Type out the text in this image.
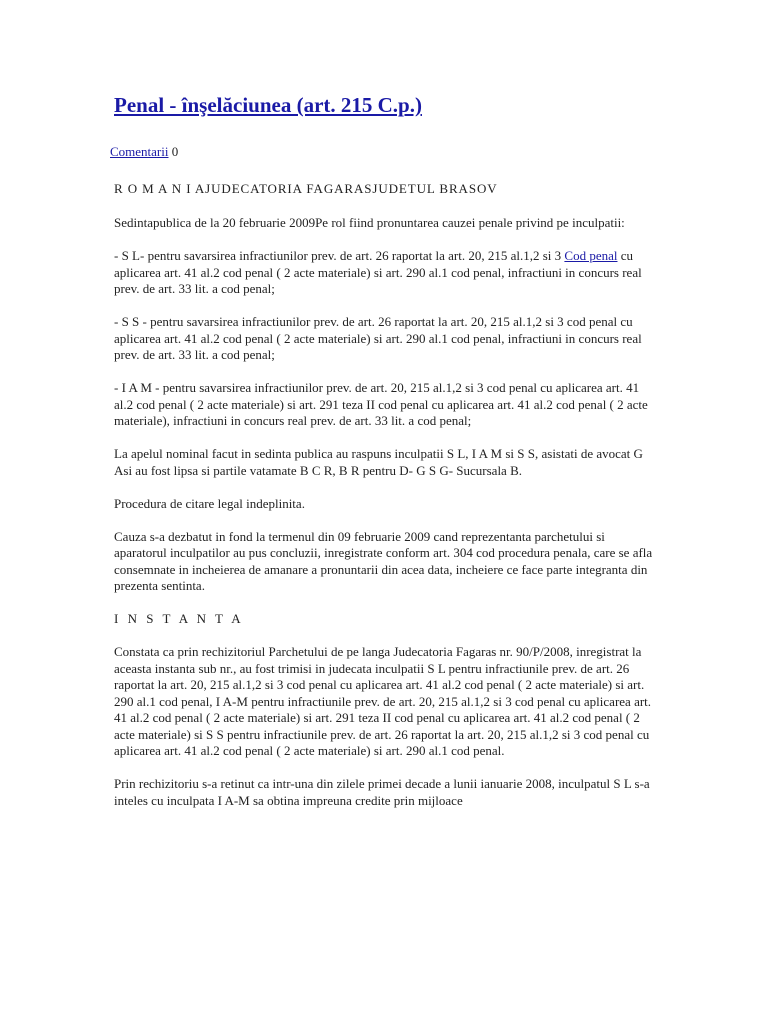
Penal - înşelăciunea (art. 215 C.p.)
Comentarii 0
R O M A N I AJUDECATORIA FAGARASJUDETUL BRASOV

Sedintapublica de la 20 februarie 2009Pe rol fiind pronuntarea cauzei penale privind pe inculpatii:

- S L- pentru savarsirea infractiunilor prev. de art. 26 raportat la art. 20, 215 al.1,2 si 3 Cod penal cu aplicarea art. 41 al.2 cod penal ( 2 acte materiale) si art. 290 al.1 cod penal, infractiuni in concurs real prev. de art. 33 lit. a cod penal;

- S S - pentru savarsirea infractiunilor prev. de art. 26 raportat la art. 20, 215 al.1,2 si 3 cod penal cu aplicarea art. 41 al.2 cod penal ( 2 acte materiale) si art. 290 al.1 cod penal, infractiuni in concurs real prev. de art. 33 lit. a cod penal;

- I A M - pentru savarsirea infractiunilor prev. de art. 20, 215 al.1,2 si 3 cod penal cu aplicarea art. 41 al.2 cod penal ( 2 acte materiale) si art. 291 teza II cod penal cu aplicarea art. 41 al.2 cod penal ( 2 acte materiale), infractiuni in concurs real prev. de art. 33 lit. a cod penal;

La apelul nominal facut in sedinta publica au raspuns inculpatii S L, I A M si S S, asistati de avocat G Asi au fost lipsa si partile vatamate B C R, B R pentru D- G S G- Sucursala B.

Procedura de citare legal indeplinita.

Cauza s-a dezbatut in fond la termenul din 09 februarie 2009 cand reprezentanta parchetului si aparatorul inculpatilor au pus concluzii, inregistrate conform art. 304 cod procedura penala, care se afla consemnate in incheierea de amanare a pronuntarii din acea data, incheiere ce face parte integranta din prezenta sentinta.

I N S T A N T A

Constata ca prin rechizitoriul Parchetului de pe langa Judecatoria Fagaras nr. 90/P/2008, inregistrat la aceasta instanta sub nr., au fost trimisi in judecata inculpatii S L pentru infractiunile prev. de art. 26 raportat la art. 20, 215 al.1,2 si 3 cod penal cu aplicarea art. 41 al.2 cod penal ( 2 acte materiale) si art. 290 al.1 cod penal, I A-M pentru infractiunile prev. de art. 20, 215 al.1,2 si 3 cod penal cu aplicarea art. 41 al.2 cod penal ( 2 acte materiale) si art. 291 teza II cod penal cu aplicarea art. 41 al.2 cod penal ( 2 acte materiale) si S S pentru infractiunile prev. de art. 26 raportat la art. 20, 215 al.1,2 si 3 cod penal cu aplicarea art. 41 al.2 cod penal ( 2 acte materiale) si art. 290 al.1 cod penal.

Prin rechizitoriu s-a retinut ca intr-una din zilele primei decade a lunii ianuarie 2008, inculpatul S L s-a inteles cu inculpata I A-M sa obtina impreuna credite prin mijloace
